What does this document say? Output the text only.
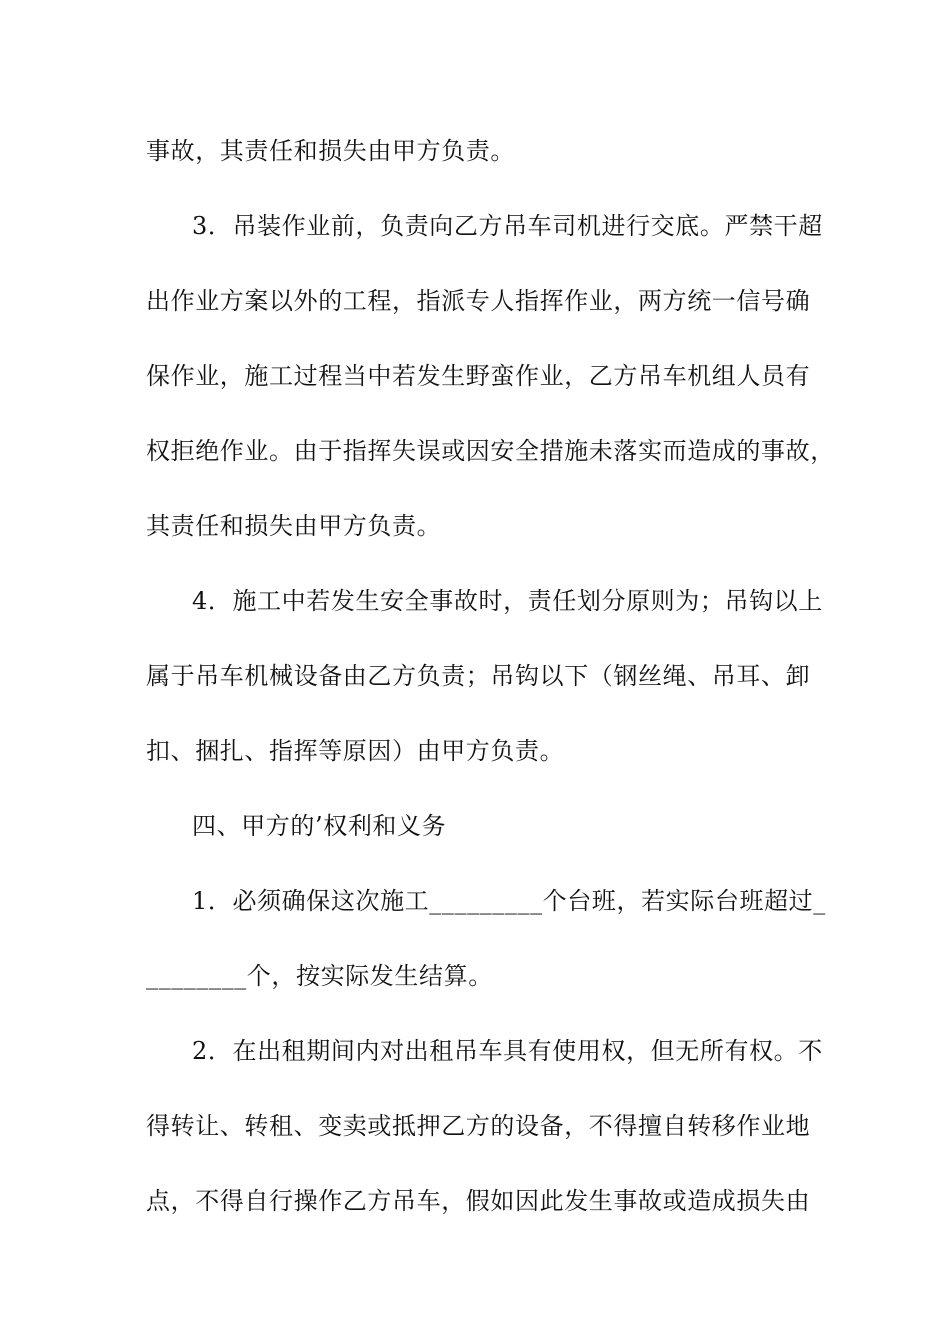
事故，其责任和损失由甲方负责。
3．吊装作业前，负责向乙方吊车司机进行交底。严禁干超
出作业方案以外的工程，指派专人指挥作业，两方统一信号确
保作业，施工过程当中若发生野蛮作业，乙方吊车机组人员有
权拒绝作业。由于指挥失误或因安全措施未落实而造成的事故，
其责任和损失由甲方负责。
4．施工中若发生安全事故时，责任划分原则为；吊钩以上
属于吊车机械设备由乙方负责；吊钩以下（钢丝绳、吊耳、卸
扣、捆扎、指挥等原因）由甲方负责。
四、甲方的’权利和义务
1．必须确保这次施工_________个台班，若实际台班超过_
________个，按实际发生结算。
2．在出租期间内对出租吊车具有使用权，但无所有权。不
得转让、转租、变卖或抵押乙方的设备，不得擅自转移作业地
点，不得自行操作乙方吊车，假如因此发生事故或造成损失由
